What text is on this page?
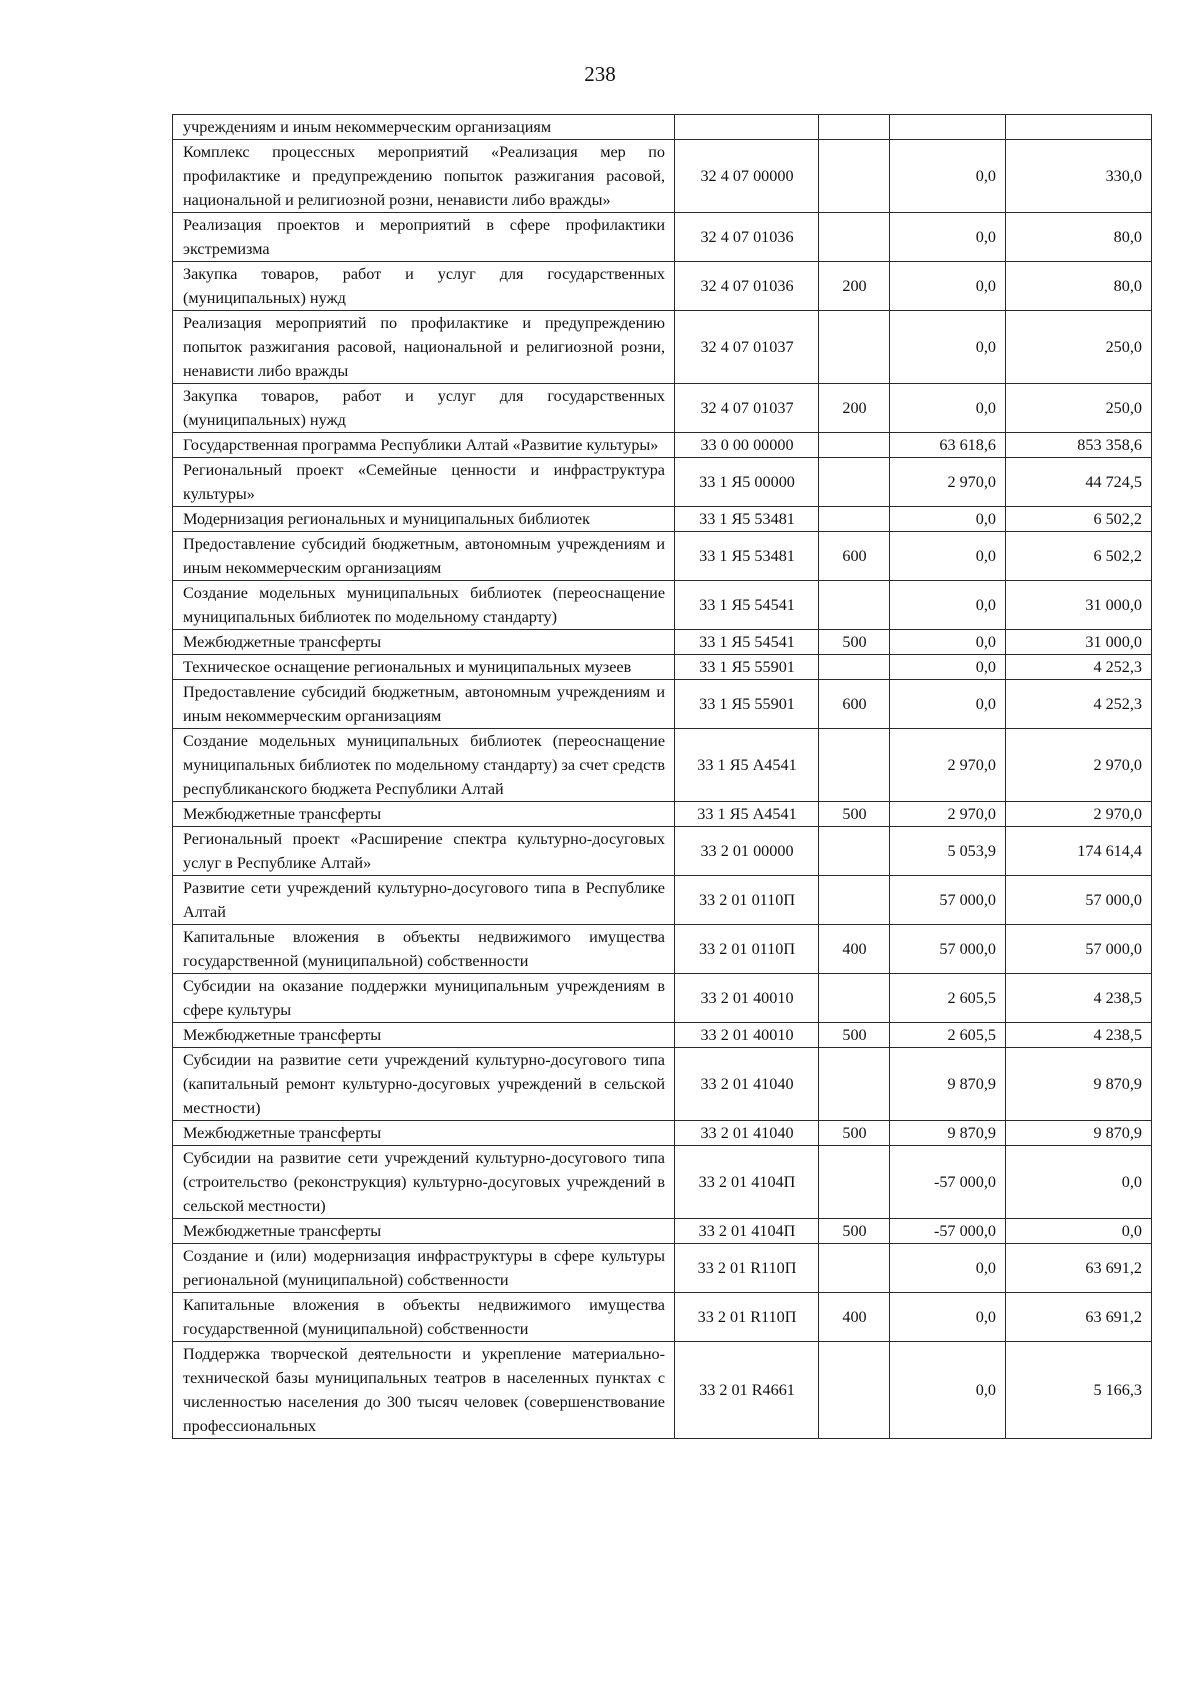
238
учреждениям и иным некоммерческим организациям				
Комплекс процессных мероприятий «Реализация мер по профилактике и предупреждению попыток разжигания расовой, национальной и религиозной розни, ненависти либо вражды»	32 4 07 00000		0,0	330,0
Реализация проектов и мероприятий в сфере профилактики экстремизма	32 4 07 01036		0,0	80,0
Закупка товаров, работ и услуг для государственных (муниципальных) нужд	32 4 07 01036	200	0,0	80,0
Реализация мероприятий по профилактике и предупреждению попыток разжигания расовой, национальной и религиозной розни, ненависти либо вражды	32 4 07 01037		0,0	250,0
Закупка товаров, работ и услуг для государственных (муниципальных) нужд	32 4 07 01037	200	0,0	250,0
Государственная программа Республики Алтай «Развитие культуры»	33 0 00 00000		63 618,6	853 358,6
Региональный проект «Семейные ценности и инфраструктура культуры»	33 1 Я5 00000		2 970,0	44 724,5
Модернизация региональных и муниципальных библиотек	33 1 Я5 53481		0,0	6 502,2
Предоставление субсидий бюджетным, автономным учреждениям и иным некоммерческим организациям	33 1 Я5 53481	600	0,0	6 502,2
Создание модельных муниципальных библиотек (переоснащение муниципальных библиотек по модельному стандарту)	33 1 Я5 54541		0,0	31 000,0
Межбюджетные трансферты	33 1 Я5 54541	500	0,0	31 000,0
Техническое оснащение региональных и муниципальных музеев	33 1 Я5 55901		0,0	4 252,3
Предоставление субсидий бюджетным, автономным учреждениям и иным некоммерческим организациям	33 1 Я5 55901	600	0,0	4 252,3
Создание модельных муниципальных библиотек (переоснащение муниципальных библиотек по модельному стандарту) за счет средств республиканского бюджета Республики Алтай	33 1 Я5 А4541		2 970,0	2 970,0
Межбюджетные трансферты	33 1 Я5 А4541	500	2 970,0	2 970,0
Региональный проект «Расширение спектра культурно-досуговых услуг в Республике Алтай»	33 2 01 00000		5 053,9	174 614,4
Развитие сети учреждений культурно-досугового типа в Республике Алтай	33 2 01 0110П		57 000,0	57 000,0
Капитальные вложения в объекты недвижимого имущества государственной (муниципальной) собственности	33 2 01 0110П	400	57 000,0	57 000,0
Субсидии на оказание поддержки муниципальным учреждениям в сфере культуры	33 2 01 40010		2 605,5	4 238,5
Межбюджетные трансферты	33 2 01 40010	500	2 605,5	4 238,5
Субсидии на развитие сети учреждений культурно-досугового типа (капитальный ремонт культурно-досуговых учреждений в сельской местности)	33 2 01 41040		9 870,9	9 870,9
Межбюджетные трансферты	33 2 01 41040	500	9 870,9	9 870,9
Субсидии на развитие сети учреждений культурно-досугового типа (строительство (реконструкция) культурно-досуговых учреждений в сельской местности)	33 2 01 4104П		-57 000,0	0,0
Межбюджетные трансферты	33 2 01 4104П	500	-57 000,0	0,0
Создание и (или) модернизация инфраструктуры в сфере культуры региональной (муниципальной) собственности	33 2 01 R110П		0,0	63 691,2
Капитальные вложения в объекты недвижимого имущества государственной (муниципальной) собственности	33 2 01 R110П	400	0,0	63 691,2
Поддержка творческой деятельности и укрепление материально-технической базы муниципальных театров в населенных пунктах с численностью населения до 300 тысяч человек (совершенствование профессиональных	33 2 01 R4661		0,0	5 166,3
